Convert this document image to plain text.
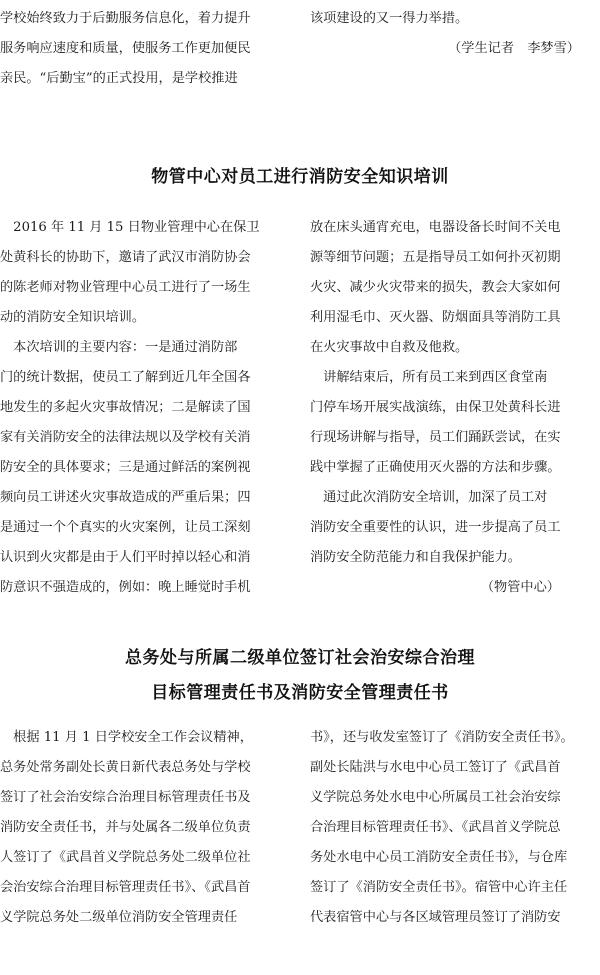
学校始终致力于后勤服务信息化，着力提升
服务响应速度和质量，使服务工作更加便民
亲民。“后勤宝”的正式投用，是学校推进
该项建设的又一得力举措。
（学生记者　李梦雪）
物管中心对员工进行消防安全知识培训
　2016 年 11 月 15 日物业管理中心在保卫
处黄科长的协助下，邀请了武汉市消防协会
的陈老师对物业管理中心员工进行了一场生
动的消防安全知识培训。
　本次培训的主要内容：一是通过消防部
门的统计数据，使员工了解到近几年全国各
地发生的多起火灾事故情况；二是解读了国
家有关消防安全的法律法规以及学校有关消
防安全的具体要求；三是通过鲜活的案例视
频向员工讲述火灾事故造成的严重后果；四
是通过一个个真实的火灾案例，让员工深刻
认识到火灾都是由于人们平时掉以轻心和消
防意识不强造成的，例如：晚上睡觉时手机
放在床头通宵充电，电器设备长时间不关电
源等细节问题；五是指导员工如何扑灭初期
火灾、减少火灾带来的损失，教会大家如何
利用湿毛巾、灭火器、防烟面具等消防工具
在火灾事故中自救及他救。
　讲解结束后，所有员工来到西区食堂南
门停车场开展实战演练，由保卫处黄科长进
行现场讲解与指导，员工们踊跃尝试，在实
践中掌握了正确使用灭火器的方法和步骤。
　通过此次消防安全培训，加深了员工对
消防安全重要性的认识，进一步提高了员工
消防安全防范能力和自我保护能力。
（物管中心）
总务处与所属二级单位签订社会治安综合治理
目标管理责任书及消防安全管理责任书
　根据 11 月 1 日学校安全工作会议精神，
总务处常务副处长黄日新代表总务处与学校
签订了社会治安综合治理目标管理责任书及
消防安全责任书，并与处属各二级单位负责
人签订了《武昌首义学院总务处二级单位社
会治安综合治理目标管理责任书》、《武昌首
义学院总务处二级单位消防安全管理责任
书》，还与收发室签订了《消防安全责任书》。
副处长陆洪与水电中心员工签订了《武昌首
义学院总务处水电中心所属员工社会治安综
合治理目标管理责任书》、《武昌首义学院总
务处水电中心员工消防安全责任书》，与仓库
签订了《消防安全责任书》。宿管中心许主任
代表宿管中心与各区域管理员签订了消防安
